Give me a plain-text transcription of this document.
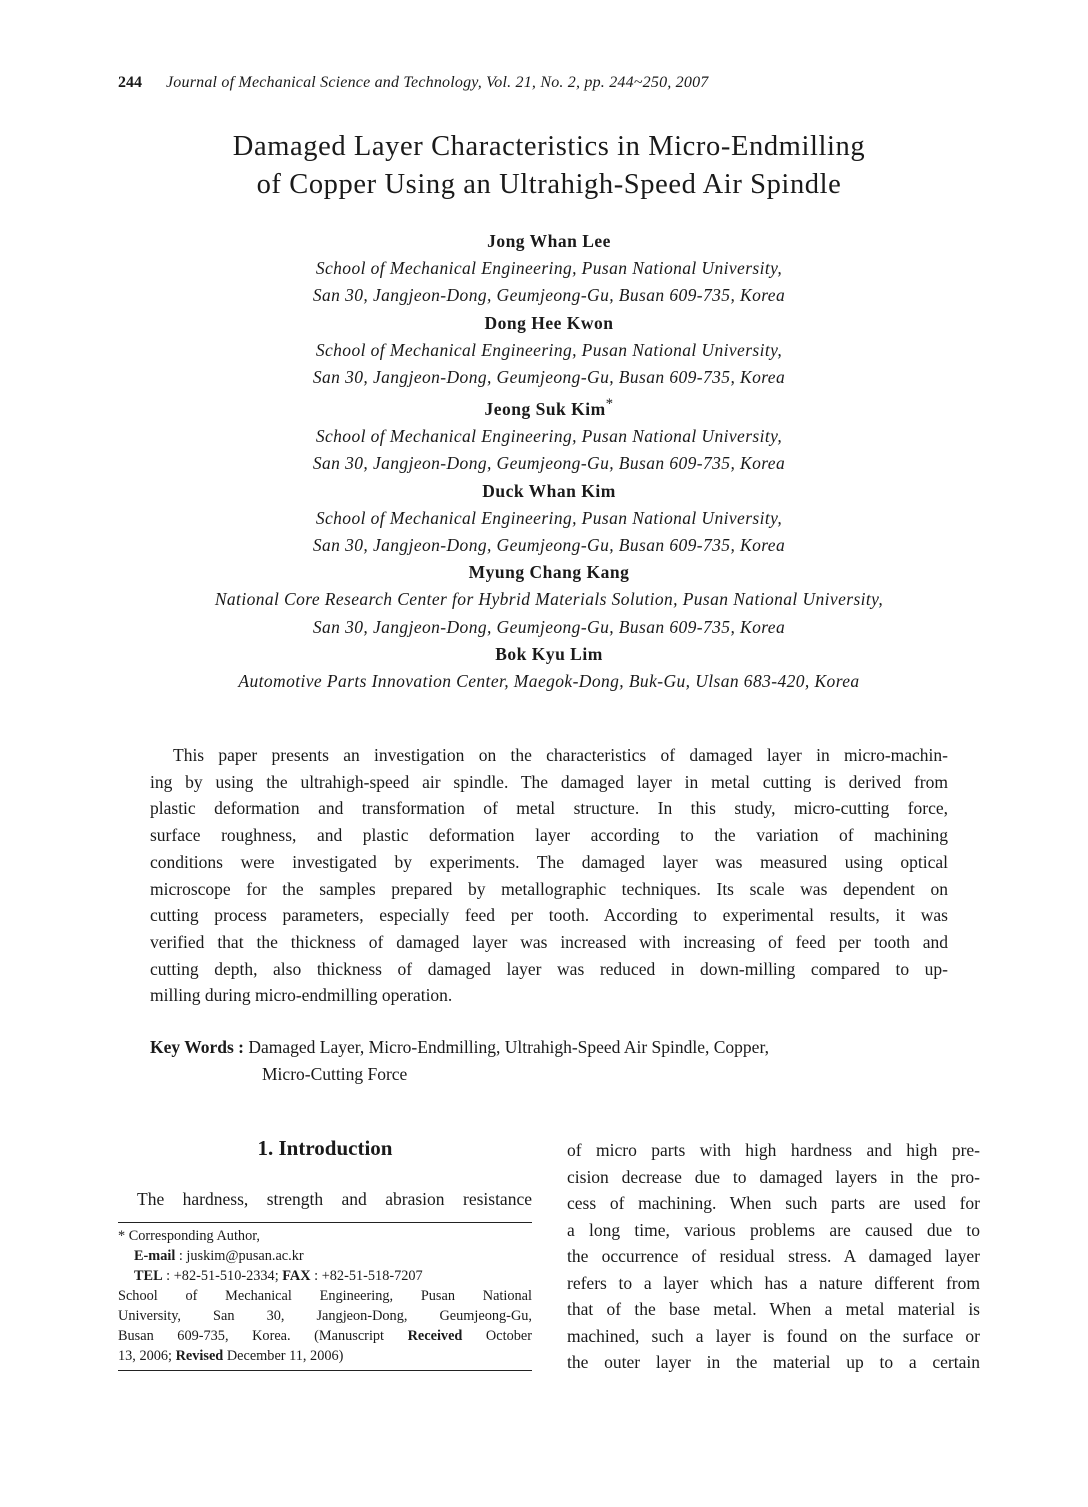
244 Journal of Mechanical Science and Technology, Vol. 21, No. 2, pp. 244~250, 2007
Damaged Layer Characteristics in Micro-Endmilling
of Copper Using an Ultrahigh-Speed Air Spindle
Jong Whan Lee
School of Mechanical Engineering, Pusan National University,
San 30, Jangjeon-Dong, Geumjeong-Gu, Busan 609-735, Korea
Dong Hee Kwon
School of Mechanical Engineering, Pusan National University,
San 30, Jangjeon-Dong, Geumjeong-Gu, Busan 609-735, Korea
Jeong Suk Kim*
School of Mechanical Engineering, Pusan National University,
San 30, Jangjeon-Dong, Geumjeong-Gu, Busan 609-735, Korea
Duck Whan Kim
School of Mechanical Engineering, Pusan National University,
San 30, Jangjeon-Dong, Geumjeong-Gu, Busan 609-735, Korea
Myung Chang Kang
National Core Research Center for Hybrid Materials Solution, Pusan National University,
San 30, Jangjeon-Dong, Geumjeong-Gu, Busan 609-735, Korea
Bok Kyu Lim
Automotive Parts Innovation Center, Maegok-Dong, Buk-Gu, Ulsan 683-420, Korea
This paper presents an investigation on the characteristics of damaged layer in micro-machin-
ing by using the ultrahigh-speed air spindle. The damaged layer in metal cutting is derived from
plastic deformation and transformation of metal structure. In this study, micro-cutting force,
surface roughness, and plastic deformation layer according to the variation of machining
conditions were investigated by experiments. The damaged layer was measured using optical
microscope for the samples prepared by metallographic techniques. Its scale was dependent on
cutting process parameters, especially feed per tooth. According to experimental results, it was
verified that the thickness of damaged layer was increased with increasing of feed per tooth and
cutting depth, also thickness of damaged layer was reduced in down-milling compared to up-
milling during micro-endmilling operation.
Key Words : Damaged Layer, Micro-Endmilling, Ultrahigh-Speed Air Spindle, Copper,
Micro-Cutting Force
1. Introduction
The hardness, strength and abrasion resistance
* Corresponding Author,
E-mail : juskim@pusan.ac.kr
TEL : +82-51-510-2334; FAX : +82-51-518-7207
School of Mechanical Engineering, Pusan National
University, San 30, Jangjeon-Dong, Geumjeong-Gu,
Busan 609-735, Korea. (Manuscript Received October
13, 2006; Revised December 11, 2006)
of micro parts with high hardness and high pre-
cision decrease due to damaged layers in the pro-
cess of machining. When such parts are used for
a long time, various problems are caused due to
the occurrence of residual stress. A damaged layer
refers to a layer which has a nature different from
that of the base metal. When a metal material is
machined, such a layer is found on the surface or
the outer layer in the material up to a certain
